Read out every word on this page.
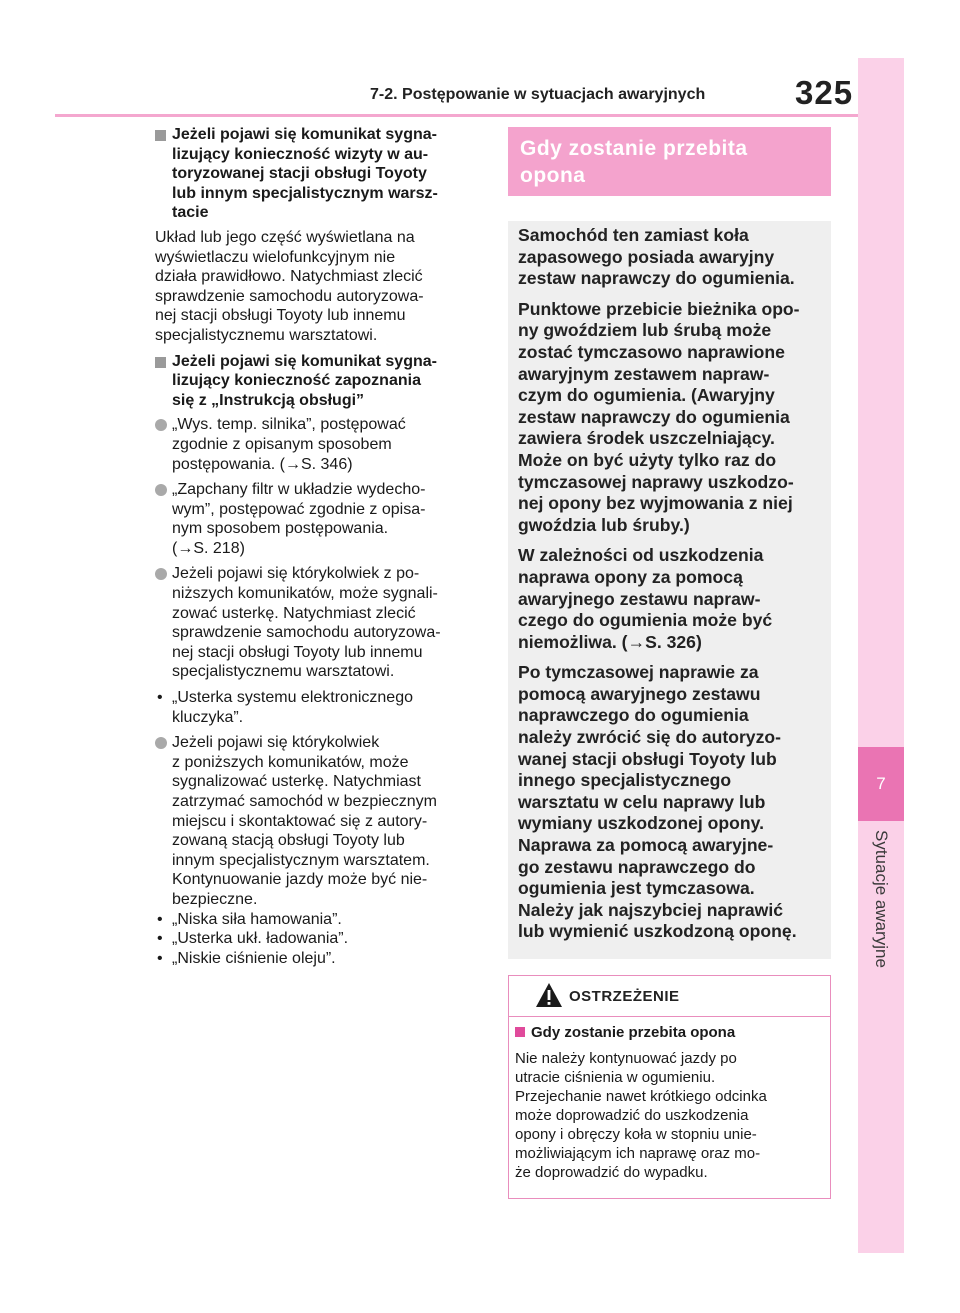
7-2. Postępowanie w sytuacjach awaryjnych	325
7
Sytuacje awaryjne
Jeżeli pojawi się komunikat sygna-
lizujący konieczność wizyty w au-
toryzowanej stacji obsługi Toyoty
lub innym specjalistycznym warsz-
tacie
Układ lub jego część wyświetlana na
wyświetlaczu wielofunkcyjnym nie
działa prawidłowo. Natychmiast zlecić
sprawdzenie samochodu autoryzowa-
nej stacji obsługi Toyoty lub innemu
specjalistycznemu warsztatowi.
Jeżeli pojawi się komunikat sygna-
lizujący konieczność zapoznania
się z „Instrukcją obsługi”
„Wys. temp. silnika”, postępować
zgodnie z opisanym sposobem
postępowania. (→S. 346)
„Zapchany filtr w układzie wydecho-
wym”, postępować zgodnie z opisa-
nym sposobem postępowania.
(→S. 218)
Jeżeli pojawi się którykolwiek z po-
niższych komunikatów, może sygnali-
zować usterkę. Natychmiast zlecić
sprawdzenie samochodu autoryzowa-
nej stacji obsługi Toyoty lub innemu
specjalistycznemu warsztatowi.
• „Usterka systemu elektronicznego
kluczyka”.
Jeżeli pojawi się którykolwiek
z poniższych komunikatów, może
sygnalizować usterkę. Natychmiast
zatrzymać samochód w bezpiecznym
miejscu i skontaktować się z autory-
zowaną stacją obsługi Toyoty lub
innym specjalistycznym warsztatem.
Kontynuowanie jazdy może być nie-
bezpieczne.
• „Niska siła hamowania”.
• „Usterka ukł. ładowania”.
• „Niskie ciśnienie oleju”.
Gdy zostanie przebita
opona

Samochód ten zamiast koła
zapasowego posiada awaryjny
zestaw naprawczy do ogumienia.

Punktowe przebicie bieżnika opo-
ny gwoździem lub śrubą może
zostać tymczasowo naprawione
awaryjnym zestawem napraw-
czym do ogumienia. (Awaryjny
zestaw naprawczy do ogumienia
zawiera środek uszczelniający.
Może on być użyty tylko raz do
tymczasowej naprawy uszkodzo-
nej opony bez wyjmowania z niej
gwoździa lub śruby.)

W zależności od uszkodzenia
naprawa opony za pomocą
awaryjnego zestawu napraw-
czego do ogumienia może być
niemożliwa. (→S. 326)

Po tymczasowej naprawie za
pomocą awaryjnego zestawu
naprawczego do ogumienia
należy zwrócić się do autoryzo-
wanej stacji obsługi Toyoty lub
innego specjalistycznego
warsztatu w celu naprawy lub
wymiany uszkodzonej opony.
Naprawa za pomocą awaryjne-
go zestawu naprawczego do
ogumienia jest tymczasowa.
Należy jak najszybciej naprawić
lub wymienić uszkodzoną oponę.

OSTRZEŻENIE
Gdy zostanie przebita opona
Nie należy kontynuować jazdy po
utracie ciśnienia w ogumieniu.
Przejechanie nawet krótkiego odcinka
może doprowadzić do uszkodzenia
opony i obręczy koła w stopniu unie-
możliwiającym ich naprawę oraz mo-
że doprowadzić do wypadku.
